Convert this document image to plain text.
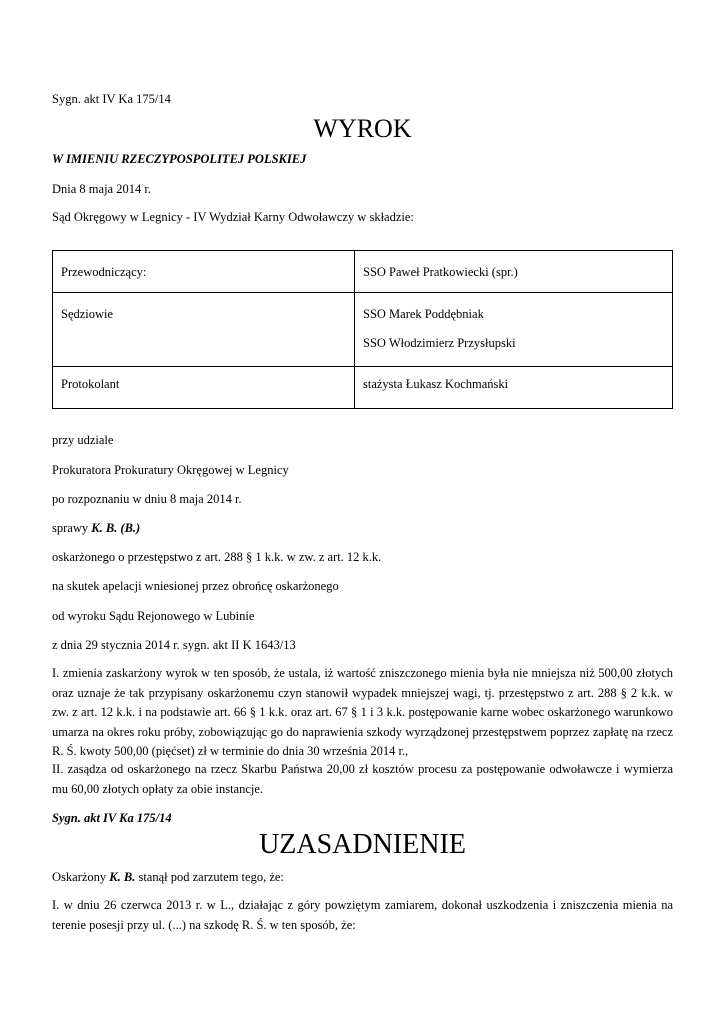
Sygn. akt IV Ka 175/14

WYROK

W IMIENIU RZECZYPOSPOLITEJ POLSKIEJ

Dnia 8 maja 2014 r.

Sąd Okręgowy w Legnicy - IV Wydział Karny Odwoławczy w składzie:

Przewodniczący:	SSO Paweł Pratkowiecki (spr.)

Sędziowie	SSO Marek Poddębniak
SSO Włodzimierz Przysłupski

Protokolant	stażysta Łukasz Kochmański

przy udziale

Prokuratora Prokuratury Okręgowej w Legnicy

po rozpoznaniu w dniu 8 maja 2014 r.

sprawy K. B. (B.)

oskarżonego o przestępstwo z art. 288 § 1 k.k. w zw. z art. 12 k.k.

na skutek apelacji wniesionej przez obrońcę oskarżonego

od wyroku Sądu Rejonowego w Lubinie

z dnia 29 stycznia 2014 r. sygn. akt II K 1643/13

I. zmienia zaskarżony wyrok w ten sposób, że ustala, iż wartość zniszczonego mienia była nie mniejsza niż 500,00 złotych oraz uznaje że tak przypisany oskarżonemu czyn stanowił wypadek mniejszej wagi, tj. przestępstwo z art. 288 § 2 k.k. w zw. z art. 12 k.k. i na podstawie art. 66 § 1 k.k. oraz art. 67 § 1 i 3 k.k. postępowanie karne wobec oskarżonego warunkowo umarza na okres roku próby, zobowiązując go do naprawienia szkody wyrządzonej przestępstwem poprzez zapłatę na rzecz R. Ś. kwoty 500,00 (pięćset) zł w terminie do dnia 30 września 2014 r.,

II. zasądza od oskarżonego na rzecz Skarbu Państwa 20,00 zł kosztów procesu za postępowanie odwoławcze i wymierza mu 60,00 złotych opłaty za obie instancje.

Sygn. akt IV Ka 175/14

UZASADNIENIE

Oskarżony K. B. stanął pod zarzutem tego, że:

I. w dniu 26 czerwca 2013 r. w L., działając z góry powziętym zamiarem, dokonał uszkodzenia i zniszczenia mienia na terenie posesji przy ul. (...) na szkodę R. Ś. w ten sposób, że:
